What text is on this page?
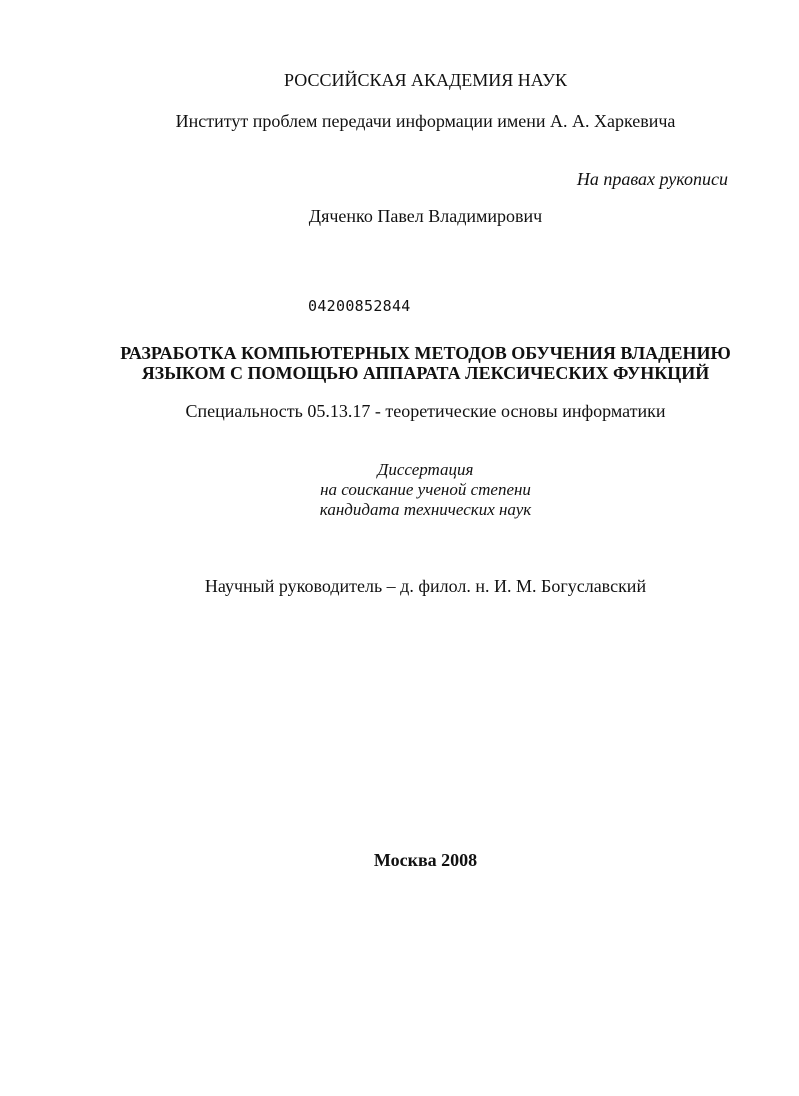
РОССИЙСКАЯ АКАДЕМИЯ НАУК
Институт проблем передачи информации имени А. А. Харкевича
На правах рукописи
Дяченко Павел Владимирович
04200852844
РАЗРАБОТКА КОМПЬЮТЕРНЫХ МЕТОДОВ ОБУЧЕНИЯ ВЛАДЕНИЮ
ЯЗЫКОМ С ПОМОЩЬЮ АППАРАТА ЛЕКСИЧЕСКИХ ФУНКЦИЙ
Специальность 05.13.17 - теоретические основы информатики
Диссертация
на соискание ученой степени
кандидата технических наук
Научный руководитель – д. филол. н. И. М. Богуславский
Москва 2008
